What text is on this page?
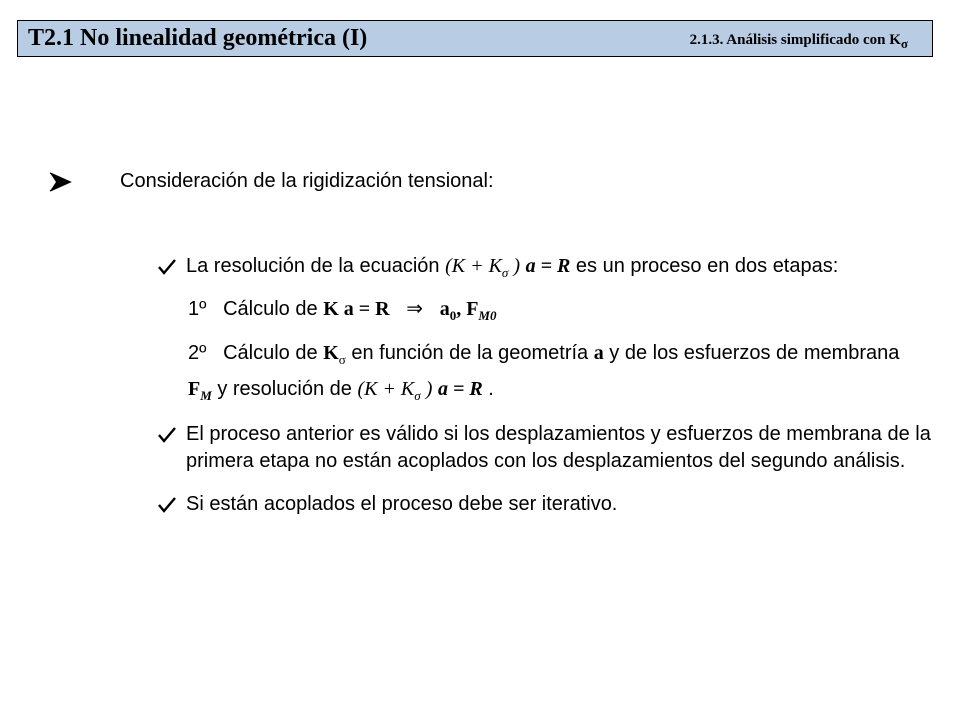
T2.1 No linealidad geométrica (I)	2.1.3. Análisis simplificado con $K_\sigma$
Consideración de la rigidización tensional:
La resolución de la ecuación ($K + K_\sigma$ ) a = R es un proceso en dos etapas:
1º Cálculo de K a = R ⇒ $a_0$, $F_{M0}$
2º Cálculo de $K_\sigma$ en función de la geometría a y de los esfuerzos de membrana
$F_M$ y resolución de ($K + K_\sigma$ ) a = R .
El proceso anterior es válido si los desplazamientos y esfuerzos de membrana de la
primera etapa no están acoplados con los desplazamientos del segundo análisis.
Si están acoplados el proceso debe ser iterativo.
